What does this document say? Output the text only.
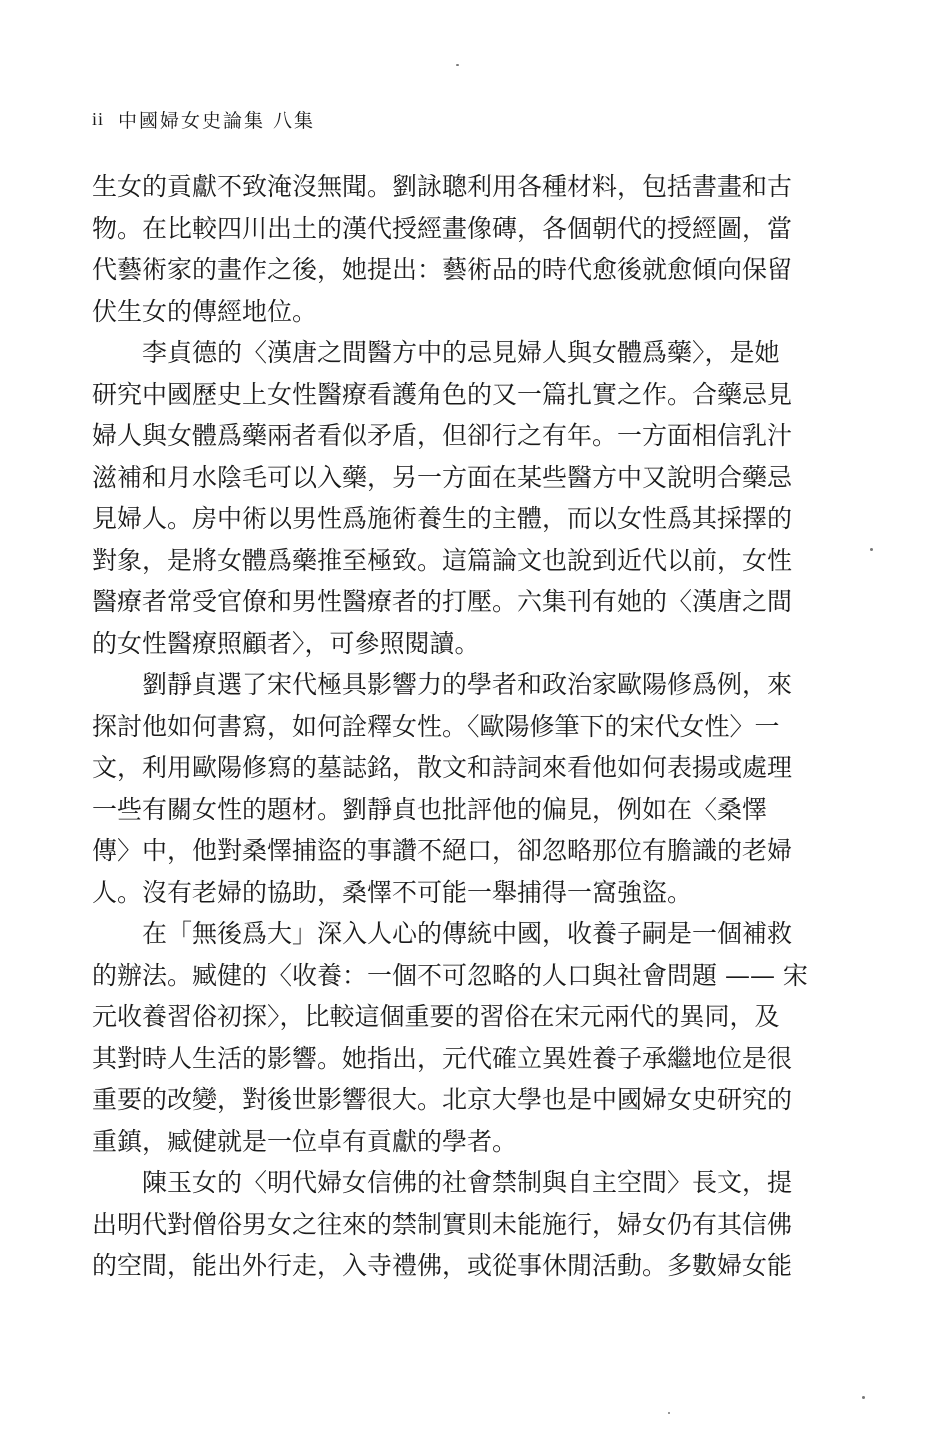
ii 中國婦女史論集 八集
生女的貢獻不致淹沒無聞。劉詠聰利用各種材料，包括書畫和古
物。在比較四川出土的漢代授經畫像磚，各個朝代的授經圖，當
代藝術家的畫作之後，她提出：藝術品的時代愈後就愈傾向保留
伏生女的傳經地位。
李貞德的〈漢唐之間醫方中的忌見婦人與女體爲藥〉，是她
研究中國歷史上女性醫療看護角色的又一篇扎實之作。合藥忌見
婦人與女體爲藥兩者看似矛盾，但卻行之有年。一方面相信乳汁
滋補和月水陰毛可以入藥，另一方面在某些醫方中又說明合藥忌
見婦人。房中術以男性爲施術養生的主體，而以女性爲其採擇的
對象，是將女體爲藥推至極致。這篇論文也說到近代以前，女性
醫療者常受官僚和男性醫療者的打壓。六集刊有她的〈漢唐之間
的女性醫療照顧者〉，可參照閱讀。
劉靜貞選了宋代極具影響力的學者和政治家歐陽修爲例，來
探討他如何書寫，如何詮釋女性。〈歐陽修筆下的宋代女性〉一
文，利用歐陽修寫的墓誌銘，散文和詩詞來看他如何表揚或處理
一些有關女性的題材。劉靜貞也批評他的偏見，例如在〈桑懌
傳〉中，他對桑懌捕盜的事讚不絕口，卻忽略那位有膽識的老婦
人。沒有老婦的協助，桑懌不可能一舉捕得一窩強盜。
在「無後爲大」深入人心的傳統中國，收養子嗣是一個補救
的辦法。臧健的〈收養：一個不可忽略的人口與社會問題 —— 宋
元收養習俗初探〉，比較這個重要的習俗在宋元兩代的異同，及
其對時人生活的影響。她指出，元代確立異姓養子承繼地位是很
重要的改變，對後世影響很大。北京大學也是中國婦女史研究的
重鎮，臧健就是一位卓有貢獻的學者。
陳玉女的〈明代婦女信佛的社會禁制與自主空間〉長文，提
出明代對僧俗男女之往來的禁制實則未能施行，婦女仍有其信佛
的空間，能出外行走，入寺禮佛，或從事休閒活動。多數婦女能
